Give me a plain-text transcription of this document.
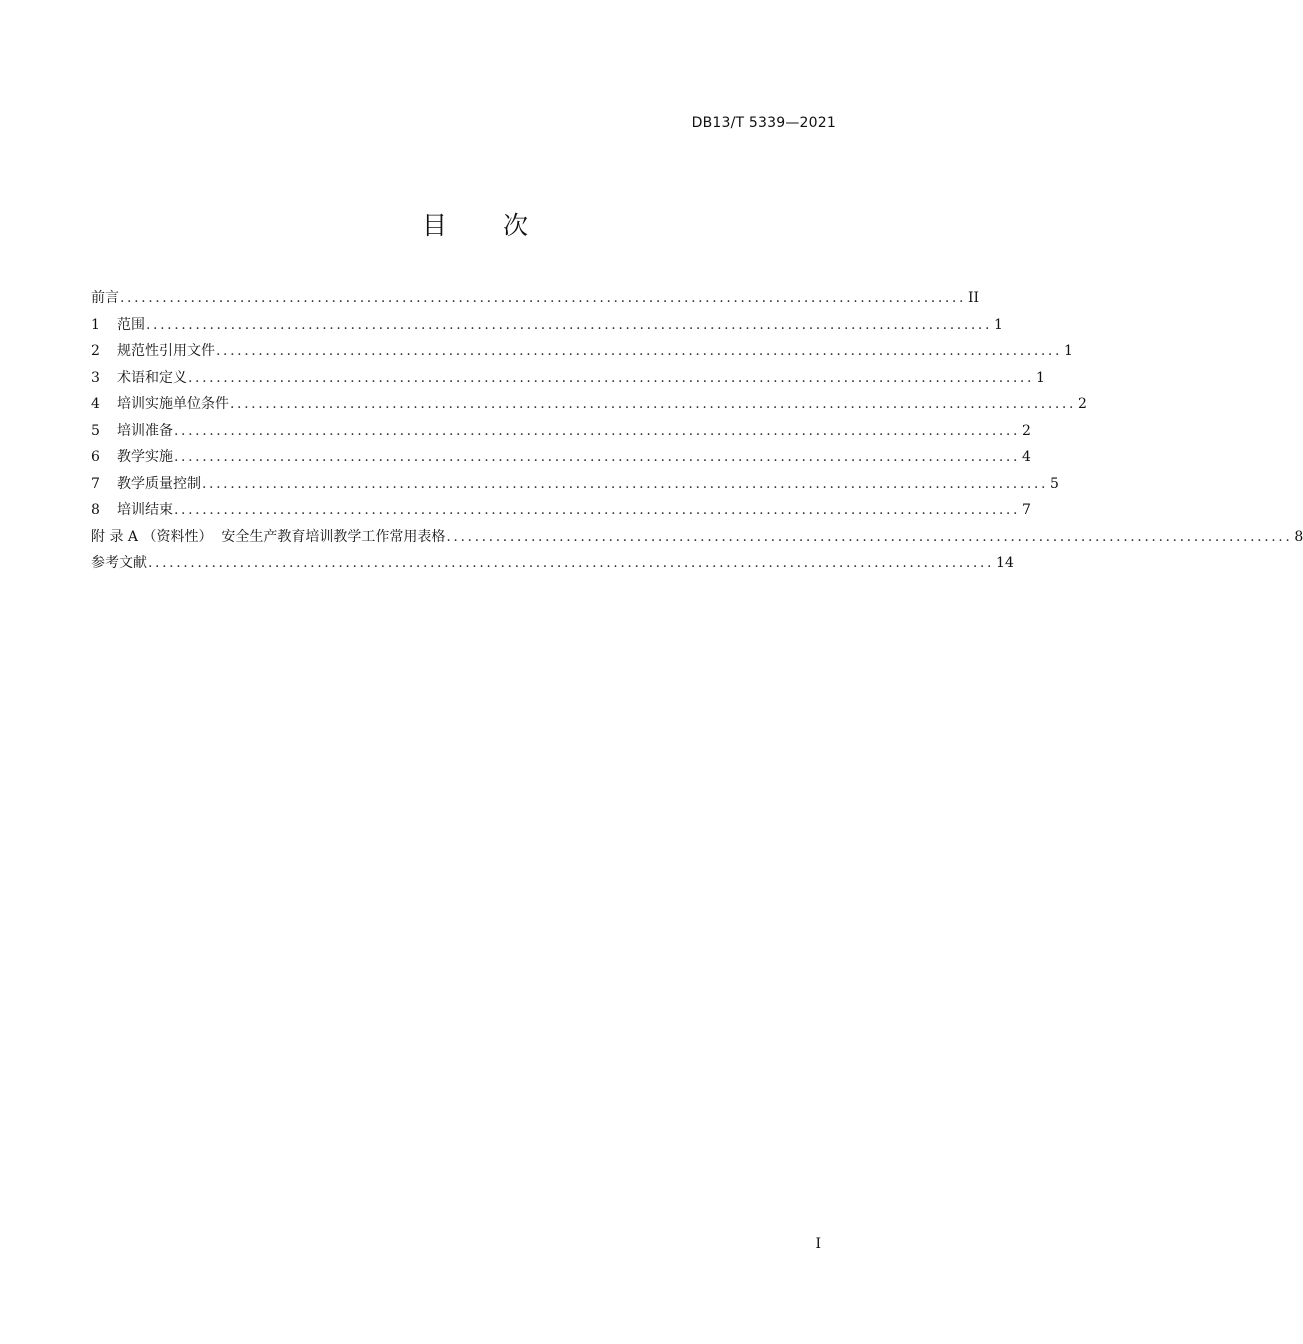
DB13/T 5339—2021
目 次
前言 ........................................................................................................................ II
1	范围 ........................................................................................................................ 1
2	规范性引用文件 ........................................................................................................................ 1
3	术语和定义 ........................................................................................................................ 1
4	培训实施单位条件 ........................................................................................................................ 2
5	培训准备 ........................................................................................................................ 2
6	教学实施 ........................................................................................................................ 4
7	教学质量控制 ........................................................................................................................ 5
8	培训结束 ........................................................................................................................ 7
附 录 A （资料性）  安全生产教育培训教学工作常用表格 ........................................................................................................................ 8
参考文献 ........................................................................................................................ 14
I
